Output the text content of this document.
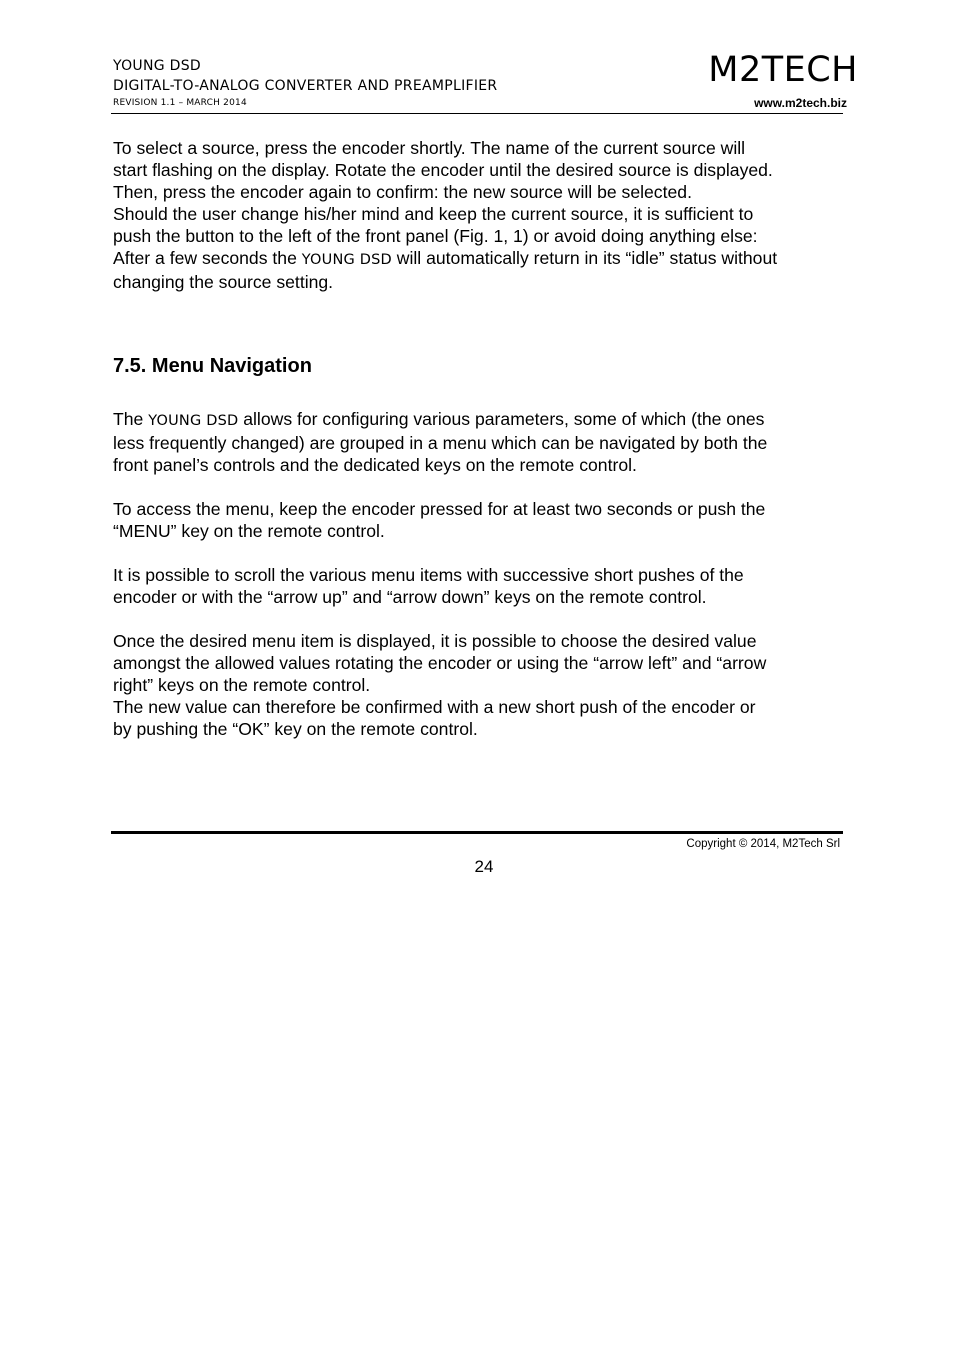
YOUNG DSD
DIGITAL-TO-ANALOG CONVERTER AND PREAMPLIFIER
REVISION 1.1 – MARCH 2014
M2TECH
www.m2tech.biz

To select a source, press the encoder shortly. The name of the current source will

start flashing on the display. Rotate the encoder until the desired source is displayed.

Then, press the encoder again to confirm: the new source will be selected.

Should the user change his/her mind and keep the current source, it is sufficient to

push the button to the left of the front panel (Fig. 1, 1) or avoid doing anything else:

After a few seconds the YOUNG DSD will automatically return in its “idle” status without

changing the source setting.

7.5. Menu Navigation

The YOUNG DSD allows for configuring various parameters, some of which (the ones

less frequently changed) are grouped in a menu which can be navigated by both the

front panel’s controls and the dedicated keys on the remote control.

To access the menu, keep the encoder pressed for at least two seconds or push the

“MENU” key on the remote control.

It is possible to scroll the various menu items with successive short pushes of the

encoder or with the “arrow up” and “arrow down” keys on the remote control.

Once the desired menu item is displayed, it is possible to choose the desired value

amongst the allowed values rotating the encoder or using the “arrow left” and “arrow

right” keys on the remote control.

The new value can therefore be confirmed with a new short push of the encoder or

by pushing the “OK” key on the remote control.

Copyright © 2014, M2Tech Srl
24
